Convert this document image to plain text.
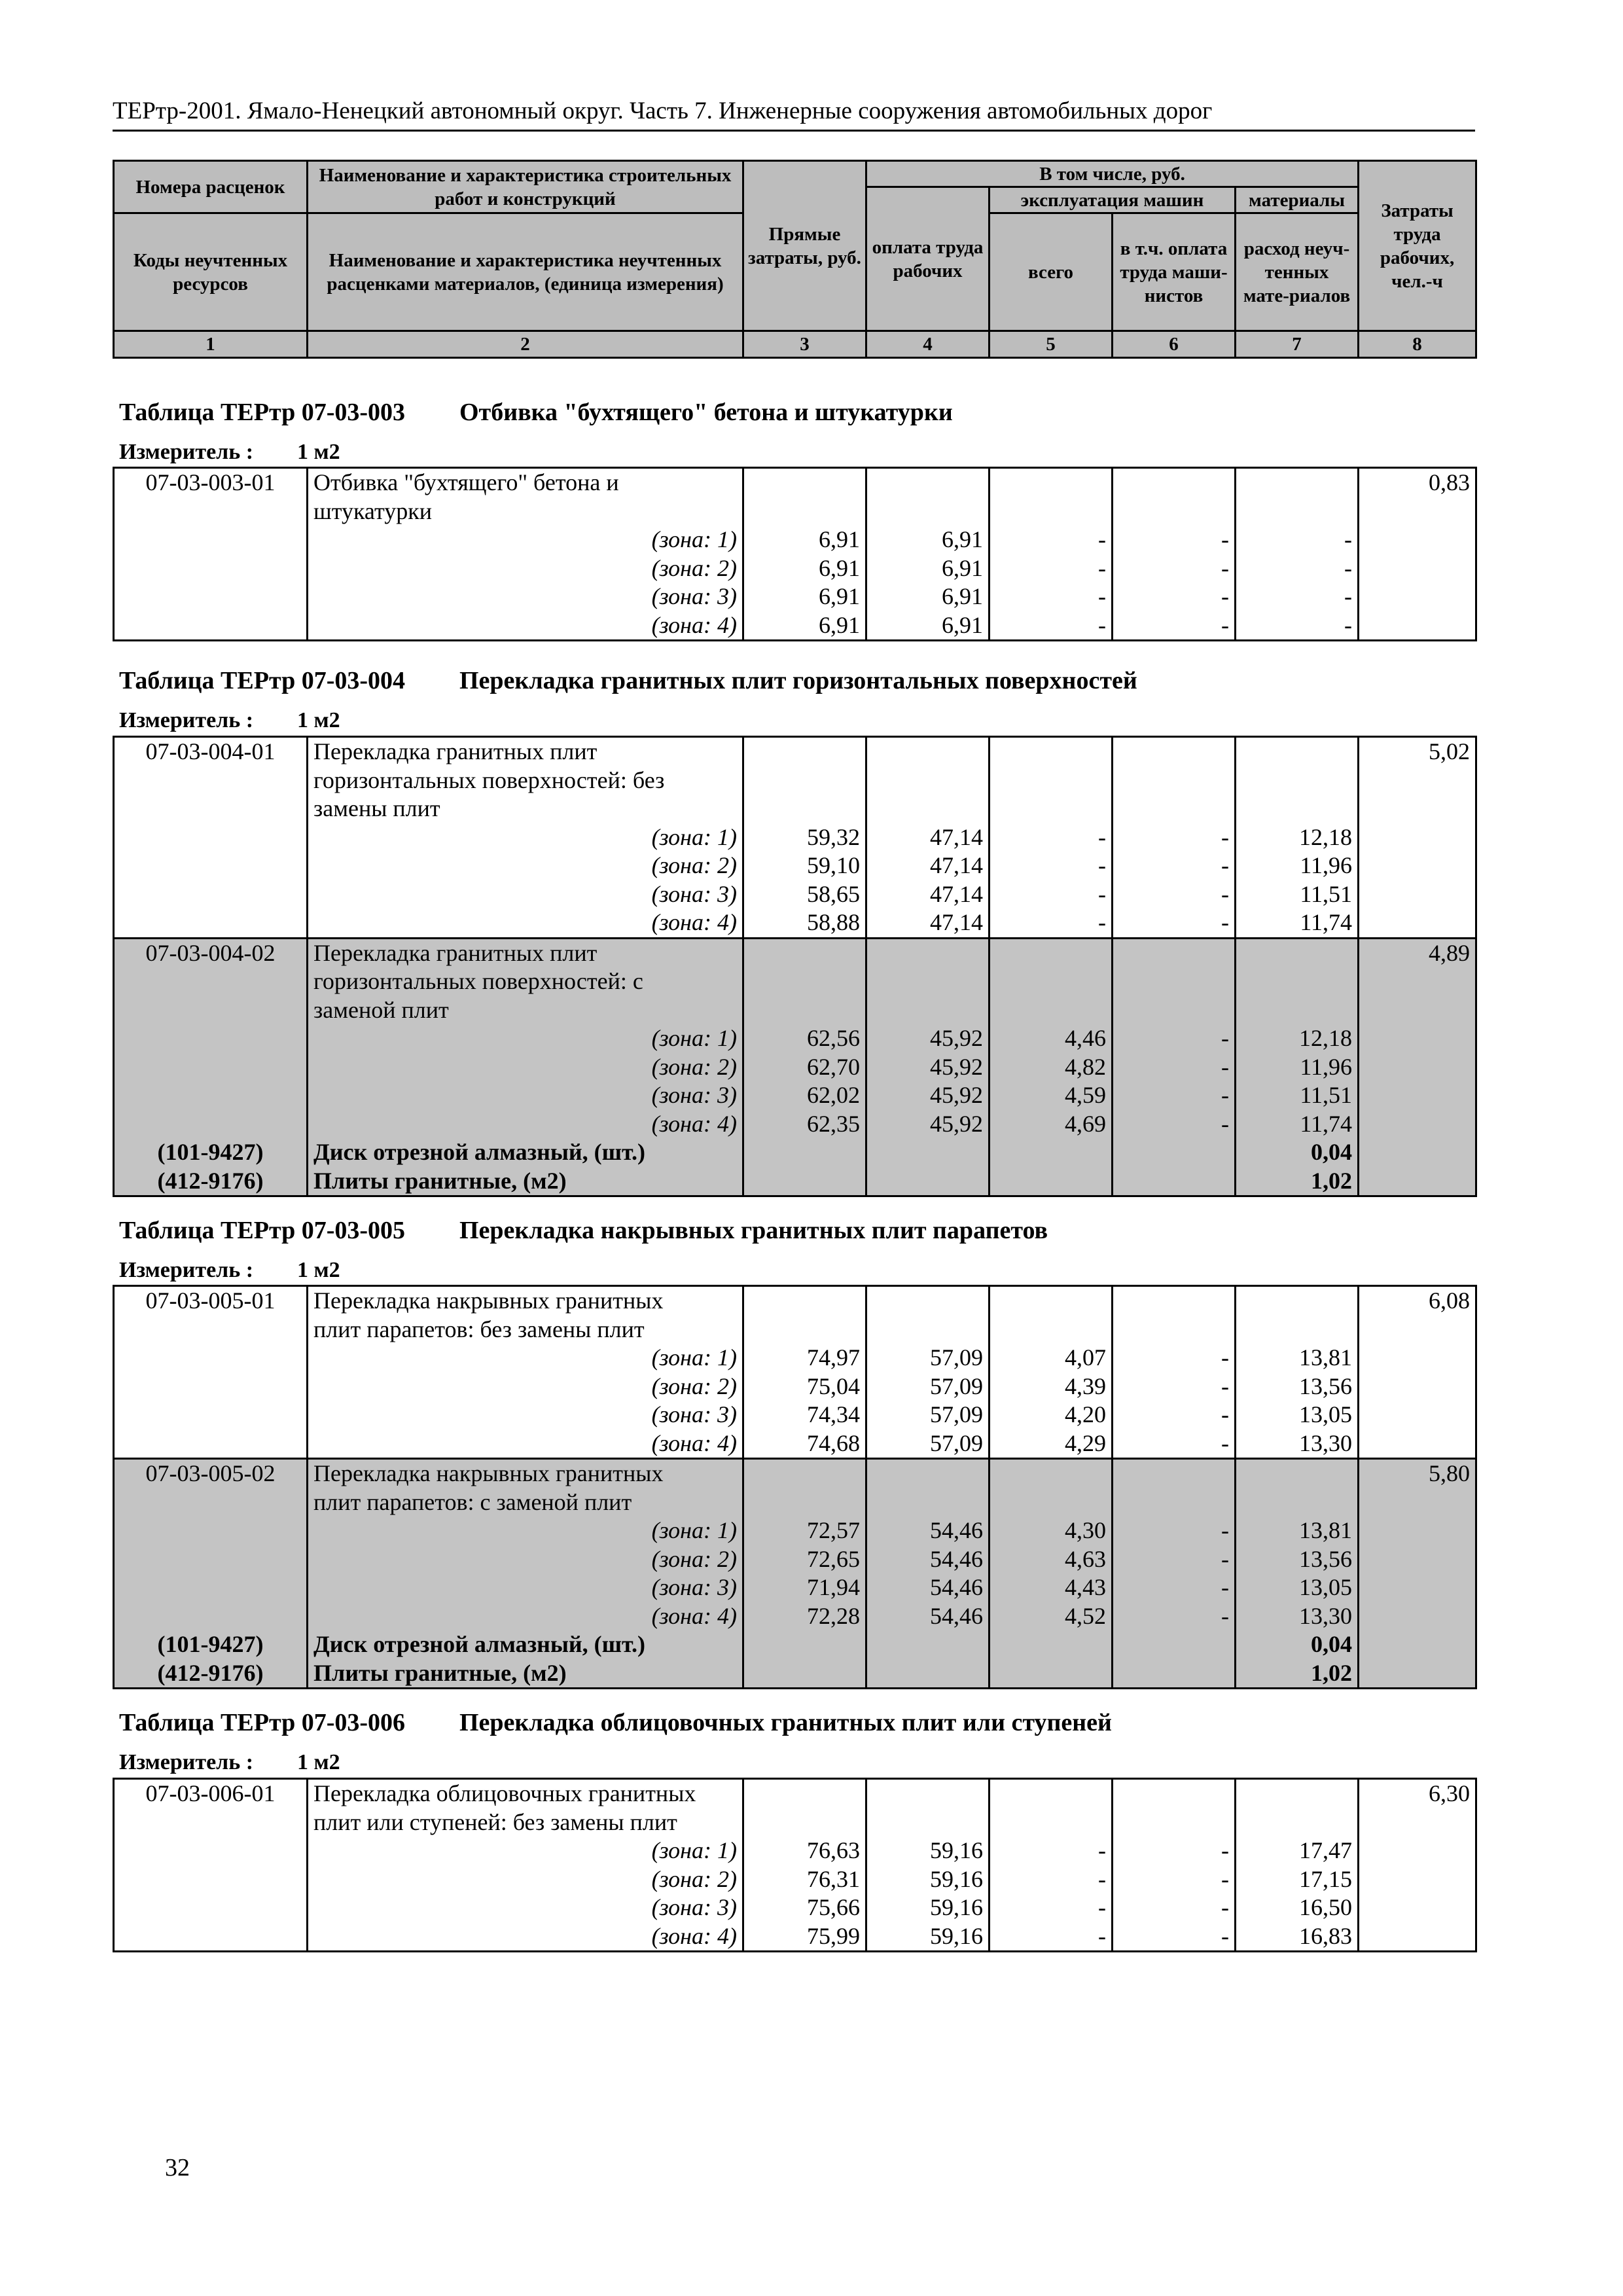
ТЕРтр-2001. Ямало-Ненецкий автономный округ. Часть 7. Инженерные сооружения автомобильных дорог
Номера расценок	Наименование и характеристика строительных работ и конструкций	Прямые затраты, руб.	В том числе, руб.				Затраты труда рабочих, чел.-ч
			оплата труда рабочих	эксплуатация машин		материалы	
Коды неучтенных ресурсов	Наименование и характеристика неучтенных расценками материалов, (единица измерения)			всего	в т.ч. оплата труда маши-нистов	расход неуч-тенных мате-риалов	

1	2	3	4	5	6	7	8
Таблица ТЕРтр 07-03-003 Отбивка "бухтящего" бетона и штукатурки
Измеритель : 1 м2
07-03-003-01	Отбивка "бухтящего" бетона и						0,83
	штукатурки						
	(зона: 1)	6,91	6,91	-	-	-	
	(зона: 2)	6,91	6,91	-	-	-	
	(зона: 3)	6,91	6,91	-	-	-	
	(зона: 4)	6,91	6,91	-	-	-	
Таблица ТЕРтр 07-03-004 Перекладка гранитных плит горизонтальных поверхностей
Измеритель : 1 м2
07-03-004-01	Перекладка гранитных плит						5,02
	горизонтальных поверхностей: без						
	замены плит						
	(зона: 1)	59,32	47,14	-	-	12,18	
	(зона: 2)	59,10	47,14	-	-	11,96	
	(зона: 3)	58,65	47,14	-	-	11,51	
	(зона: 4)	58,88	47,14	-	-	11,74	
07-03-004-02	Перекладка гранитных плит						4,89
	горизонтальных поверхностей: с						
	заменой плит						
	(зона: 1)	62,56	45,92	4,46	-	12,18	
	(зона: 2)	62,70	45,92	4,82	-	11,96	
	(зона: 3)	62,02	45,92	4,59	-	11,51	
	(зона: 4)	62,35	45,92	4,69	-	11,74	
(101-9427)	Диск отрезной алмазный, (шт.)					0,04	
(412-9176)	Плиты гранитные, (м2)					1,02	
Таблица ТЕРтр 07-03-005 Перекладка накрывных гранитных плит парапетов
Измеритель : 1 м2
07-03-005-01	Перекладка накрывных гранитных						6,08
	плит парапетов: без замены плит						
	(зона: 1)	74,97	57,09	4,07	-	13,81	
	(зона: 2)	75,04	57,09	4,39	-	13,56	
	(зона: 3)	74,34	57,09	4,20	-	13,05	
	(зона: 4)	74,68	57,09	4,29	-	13,30	
07-03-005-02	Перекладка накрывных гранитных						5,80
	плит парапетов: с заменой плит						
	(зона: 1)	72,57	54,46	4,30	-	13,81	
	(зона: 2)	72,65	54,46	4,63	-	13,56	
	(зона: 3)	71,94	54,46	4,43	-	13,05	
	(зона: 4)	72,28	54,46	4,52	-	13,30	
(101-9427)	Диск отрезной алмазный, (шт.)					0,04	
(412-9176)	Плиты гранитные, (м2)					1,02	
Таблица ТЕРтр 07-03-006 Перекладка облицовочных гранитных плит или ступеней
Измеритель : 1 м2
07-03-006-01	Перекладка облицовочных гранитных						6,30
	плит или ступеней: без замены плит						
	(зона: 1)	76,63	59,16	-	-	17,47	
	(зона: 2)	76,31	59,16	-	-	17,15	
	(зона: 3)	75,66	59,16	-	-	16,50	
	(зона: 4)	75,99	59,16	-	-	16,83	
32
